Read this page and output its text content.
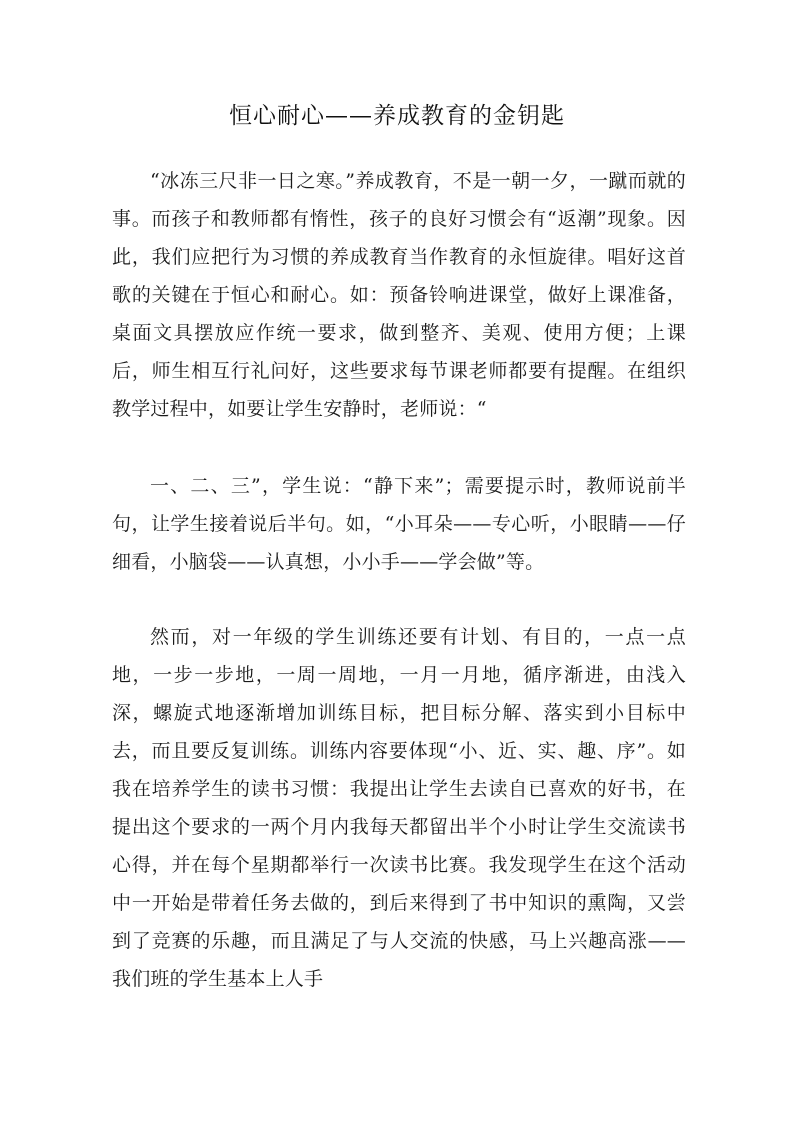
恒心耐心——养成教育的金钥匙

“冰冻三尺非一日之寒。”养成教育，不是一朝一夕，一蹴而就的事。而孩子和教师都有惰性，孩子的良好习惯会有“返潮”现象。因此，我们应把行为习惯的养成教育当作教育的永恒旋律。唱好这首歌的关键在于恒心和耐心。如：预备铃响进课堂，做好上课准备，桌面文具摆放应作统一要求，做到整齐、美观、使用方便；上课后，师生相互行礼问好，这些要求每节课老师都要有提醒。在组织教学过程中，如要让学生安静时，老师说：“

一、二、三”，学生说：“静下来”；需要提示时，教师说前半句，让学生接着说后半句。如，“小耳朵——专心听，小眼睛——仔细看，小脑袋——认真想，小小手——学会做”等。

然而，对一年级的学生训练还要有计划、有目的，一点一点地，一步一步地，一周一周地，一月一月地，循序渐进，由浅入深，螺旋式地逐渐增加训练目标，把目标分解、落实到小目标中去，而且要反复训练。训练内容要体现“小、近、实、趣、序”。如我在培养学生的读书习惯：我提出让学生去读自已喜欢的好书，在提出这个要求的一两个月内我每天都留出半个小时让学生交流读书心得，并在每个星期都举行一次读书比赛。我发现学生在这个活动中一开始是带着任务去做的，到后来得到了书中知识的熏陶，又尝到了竞赛的乐趣，而且满足了与人交流的快感，马上兴趣高涨——我们班的学生基本上人手
